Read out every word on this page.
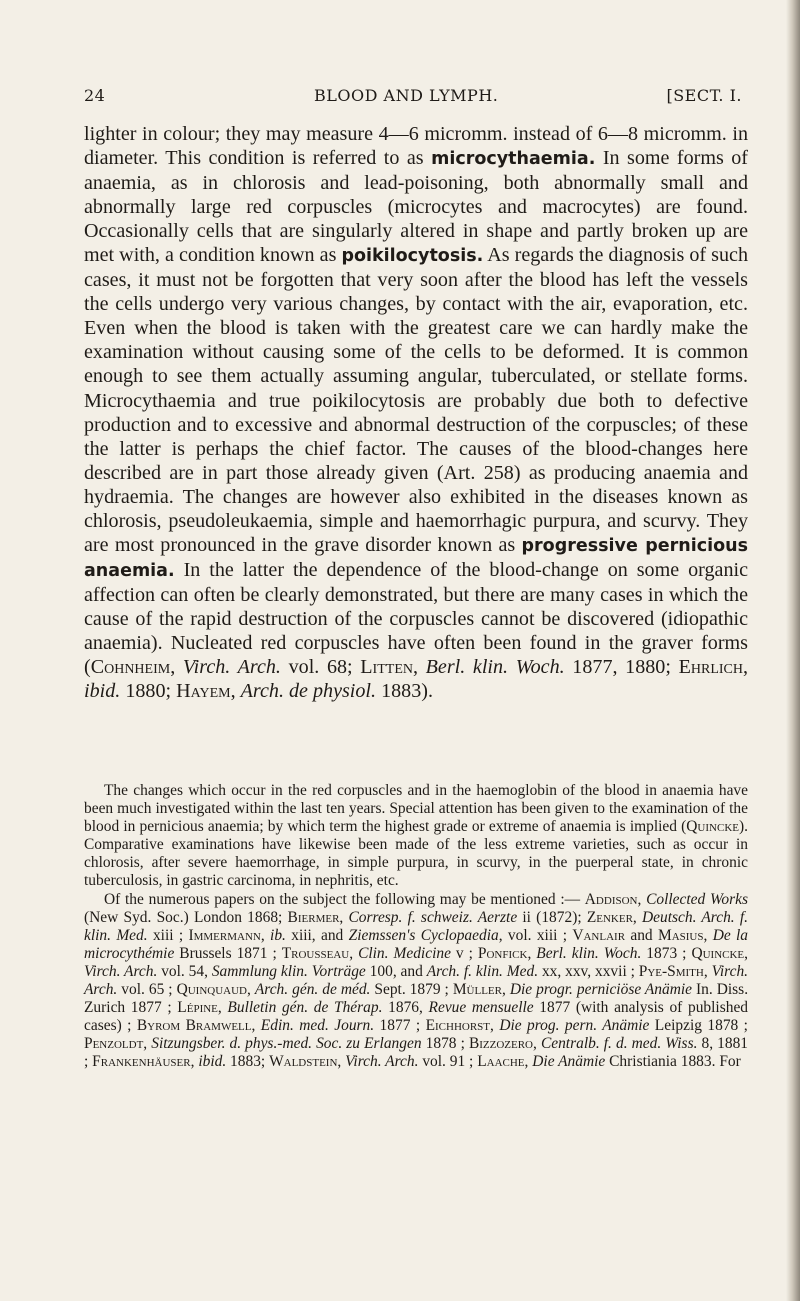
24	BLOOD AND LYMPH.	[SECT. I.

lighter in colour; they may measure 4—6 micromm. instead of 6—8 micromm. in diameter. This condition is referred to as microcythaemia. In some forms of anaemia, as in chlorosis and lead-poisoning, both abnormally small and abnormally large red corpuscles (microcytes and macrocytes) are found. Occasionally cells that are singularly altered in shape and partly broken up are met with, a condition known as poikilocytosis. As regards the diagnosis of such cases, it must not be forgotten that very soon after the blood has left the vessels the cells undergo very various changes, by contact with the air, evaporation, etc. Even when the blood is taken with the greatest care we can hardly make the examination without causing some of the cells to be deformed. It is common enough to see them actually assuming angular, tuberculated, or stellate forms. Microcythaemia and true poikilocytosis are probably due both to defective production and to excessive and abnormal destruction of the corpuscles; of these the latter is perhaps the chief factor. The causes of the blood-changes here described are in part those already given (Art. 258) as producing anaemia and hydraemia. The changes are however also exhibited in the diseases known as chlorosis, pseudoleukaemia, simple and haemorrhagic purpura, and scurvy. They are most pronounced in the grave disorder known as progressive pernicious anaemia. In the latter the dependence of the blood-change on some organic affection can often be clearly demonstrated, but there are many cases in which the cause of the rapid destruction of the corpuscles cannot be discovered (idiopathic anaemia). Nucleated red corpuscles have often been found in the graver forms (Cohnheim, Virch. Arch. vol. 68; Litten, Berl. klin. Woch. 1877, 1880; Ehrlich, ibid. 1880; Hayem, Arch. de physiol. 1883).

The changes which occur in the red corpuscles and in the haemoglobin of the blood in anaemia have been much investigated within the last ten years. Special attention has been given to the examination of the blood in pernicious anaemia; by which term the highest grade or extreme of anaemia is implied (Quincke). Comparative examinations have likewise been made of the less extreme varieties, such as occur in chlorosis, after severe haemorrhage, in simple purpura, in scurvy, in the puerperal state, in chronic tuberculosis, in gastric carcinoma, in nephritis, etc.

Of the numerous papers on the subject the following may be mentioned :— Addison, Collected Works (New Syd. Soc.) London 1868; Biermer, Corresp. f. schweiz. Aerzte ii (1872); Zenker, Deutsch. Arch. f. klin. Med. xiii ; Immermann, ib. xiii, and Ziemssen's Cyclopaedia, vol. xiii ; Vanlair and Masius, De la microcythémie Brussels 1871 ; Trousseau, Clin. Medicine v ; Ponfick, Berl. klin. Woch. 1873 ; Quincke, Virch. Arch. vol. 54, Sammlung klin. Vorträge 100, and Arch. f. klin. Med. xx, xxv, xxvii ; Pye-Smith, Virch. Arch. vol. 65 ; Quinquaud, Arch. gén. de méd. Sept. 1879 ; Müller, Die progr. perniciöse Anämie In. Diss. Zurich 1877 ; Lépine, Bulletin gén. de Thérap. 1876, Revue mensuelle 1877 (with analysis of published cases) ; Byrom Bramwell, Edin. med. Journ. 1877 ; Eichhorst, Die prog. pern. Anämie Leipzig 1878 ; Penzoldt, Sitzungsber. d. phys.-med. Soc. zu Erlangen 1878 ; Bizzozero, Centralb. f. d. med. Wiss. 8, 1881 ; Frankenhäuser, ibid. 1883; Waldstein, Virch. Arch. vol. 91 ; Laache, Die Anämie Christiania 1883. For
